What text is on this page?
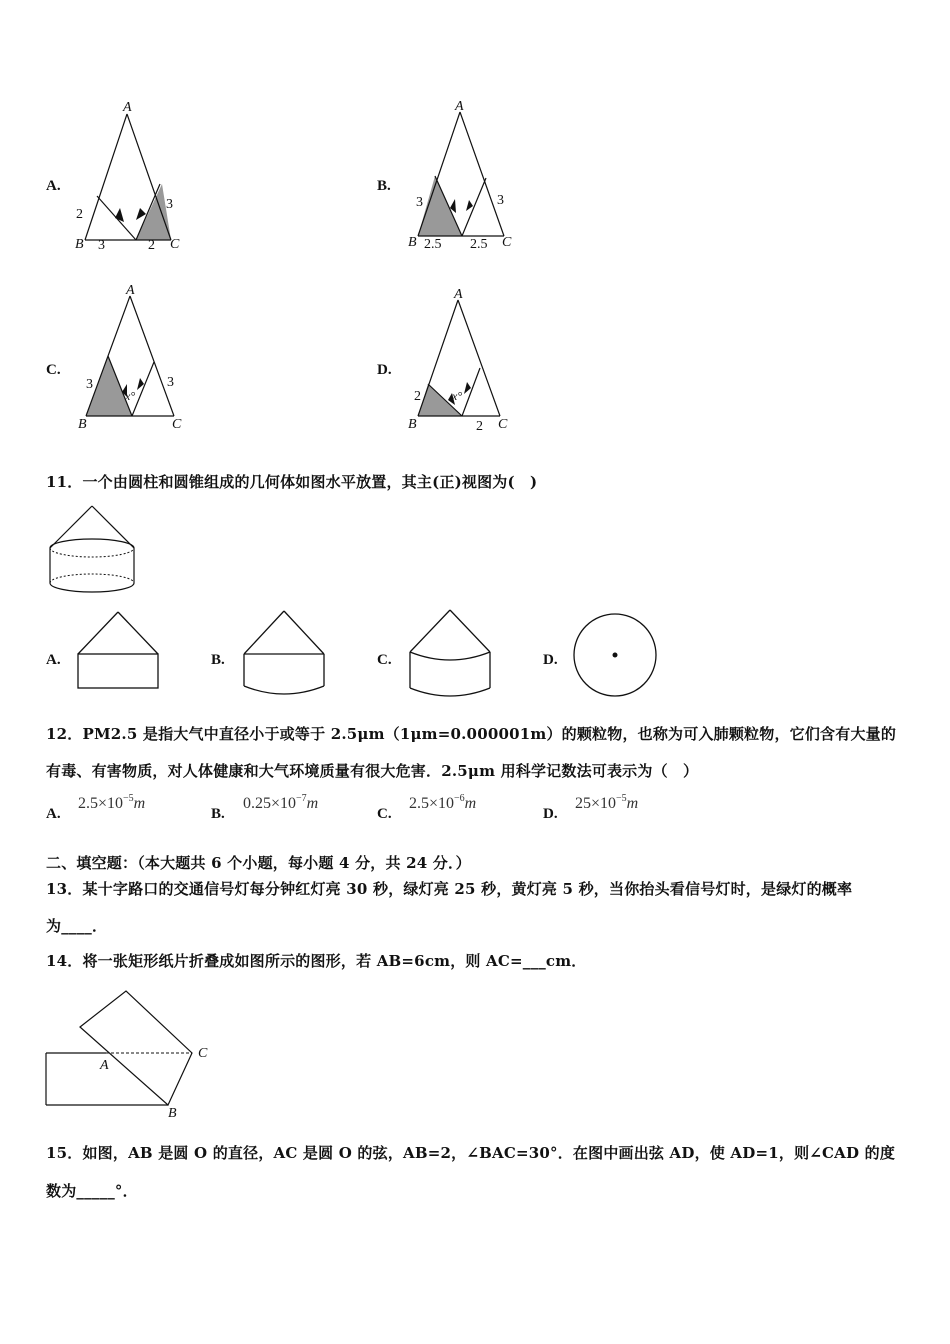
A.
A
B	C
2
3	2
3
B.
A
B	C
3
2.5 2.5
3
C.
A
B	C
3
x°
3
D.
A
B	C
2	x°
2
11．一个由圆柱和圆锥组成的几何体如图水平放置，其主(正)视图为(　)
A.	B.	C.	D.
12．PM2.5 是指大气中直径小于或等于 2.5μm（1μm=0.000001m）的颗粒物，也称为可入肺颗粒物，它们含有大量的
有毒、有害物质，对人体健康和大气环境质量有很大危害．2.5μm 用科学记数法可表示为（　）
A.
$2.5\times 10^{-5}m$
B.
$0.25\times 10^{-7}m$
C.
$2.5\times 10^{-6}m$
D.
$25\times 10^{-5}m$
二、填空题：（本大题共 6 个小题，每小题 4 分，共 24 分．）
13．某十字路口的交通信号灯每分钟红灯亮 30 秒，绿灯亮 25 秒，黄灯亮 5 秒，当你抬头看信号灯时，是绿灯的概率
为____．
14．将一张矩形纸片折叠成如图所示的图形，若 AB=6cm，则 AC=___cm．
A
C
B
15．如图，AB 是圆 O 的直径，AC 是圆 O 的弦，AB=2，∠BAC=30°．在图中画出弦 AD，使 AD=1，则∠CAD 的度
数为_____°．
